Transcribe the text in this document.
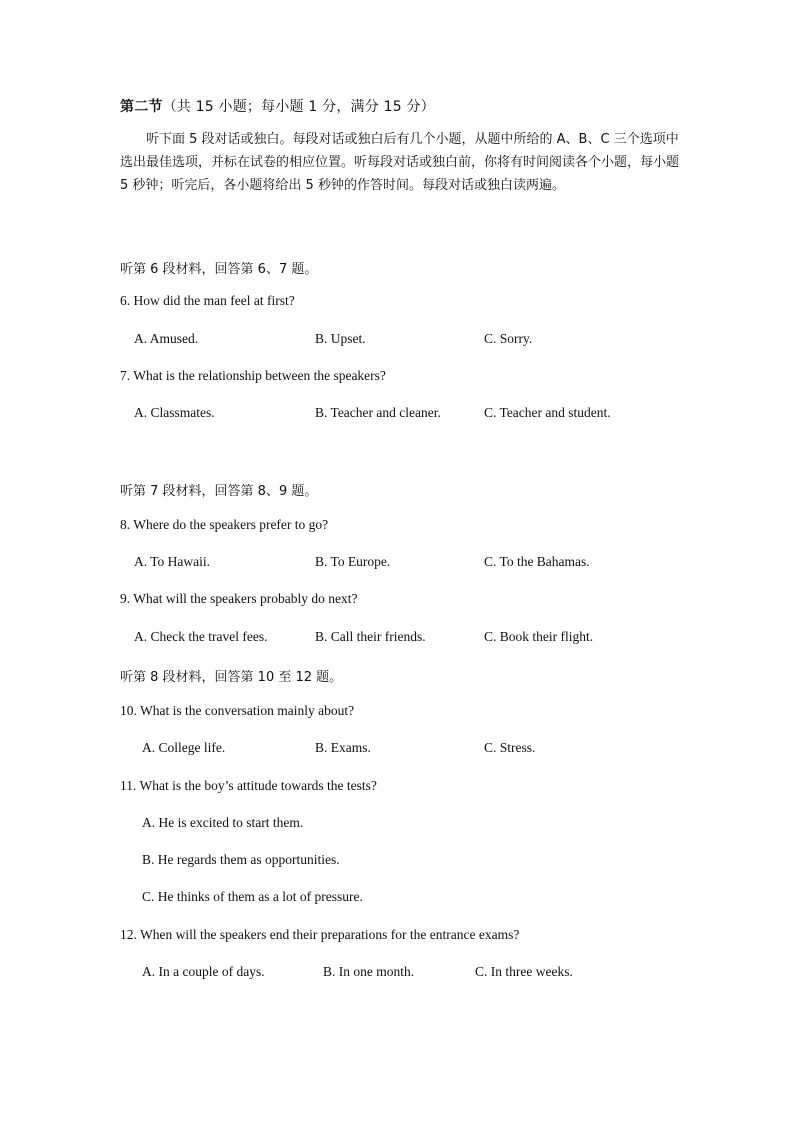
第二节（共 15 小题；每小题 1 分，满分 15 分）
听下面 5 段对话或独白。每段对话或独白后有几个小题，从题中所给的 A、B、C 三个选项中选出最佳选项，并标在试卷的相应位置。听每段对话或独白前，你将有时间阅读各个小题，每小题 5 秒钟；听完后，各小题将给出 5 秒钟的作答时间。每段对话或独白读两遍。
听第 6 段材料，回答第 6、7 题。
6. How did the man feel at first?
A. Amused.	B. Upset.	C. Sorry.
7. What is the relationship between the speakers?
A. Classmates.	B. Teacher and cleaner.	C. Teacher and student.
听第 7 段材料，回答第 8、9 题。
8. Where do the speakers prefer to go?
A. To Hawaii.	B. To Europe.	C. To the Bahamas.
9. What will the speakers probably do next?
A. Check the travel fees.	B. Call their friends.	C. Book their flight.
听第 8 段材料，回答第 10 至 12 题。
10. What is the conversation mainly about?
A. College life.	B. Exams.	C. Stress.
11. What is the boy’s attitude towards the tests?
A. He is excited to start them.
B. He regards them as opportunities.
C. He thinks of them as a lot of pressure.
12. When will the speakers end their preparations for the entrance exams?
A. In a couple of days.	B. In one month.	C. In three weeks.
